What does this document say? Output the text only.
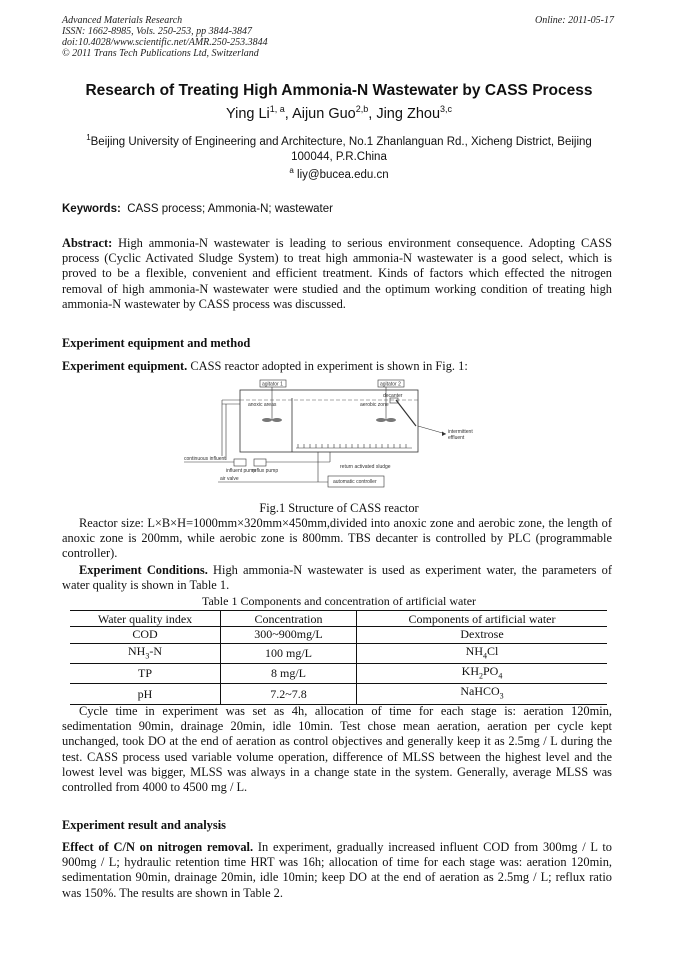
Advanced Materials Research
ISSN: 1662-8985, Vols. 250-253, pp 3844-3847
doi:10.4028/www.scientific.net/AMR.250-253.3844
© 2011 Trans Tech Publications Ltd, Switzerland
Online: 2011-05-17
Research of Treating High Ammonia-N Wastewater by CASS Process
Ying Li$^{1, a}$, Aijun Guo$^{2,b}$, Jing Zhou$^{3,c}$
$^1$Beijing University of Engineering and Architecture, No.1 Zhanlanguan Rd., Xicheng District, Beijing 100044, P.R.China
$^a$ liy@bucea.edu.cn
Keywords: CASS process; Ammonia-N; wastewater
Abstract: High ammonia-N wastewater is leading to serious environment consequence. Adopting CASS process (Cyclic Activated Sludge System) to treat high ammonia-N wastewater is a good select, which is proved to be a flexible, convenient and efficient treatment. Kinds of factors which effected the nitrogen removal of high ammonia-N wastewater were studied and the optimum working condition of treating high ammonia-N wastewater by CASS process was discussed.
Experiment equipment and method
Experiment equipment. CASS reactor adopted in experiment is shown in Fig. 1:
agitator 1	agitator 2
anoxic areas	aerobic zone
decanter
intermittent
effluent
continuous influent
influent pump
reflux pump
return activated sludge
air valve	automatic controller
Fig.1 Structure of CASS reactor
Reactor size: L×B×H=1000mm×320mm×450mm,divided into anoxic zone and aerobic zone, the length of anoxic zone is 200mm, while aerobic zone is 800mm. TBS decanter is controlled by PLC (programmable controller).
Experiment Conditions. High ammonia-N wastewater is used as experiment water, the parameters of water quality is shown in Table 1.
Table 1 Components and concentration of artificial water
Water quality index	Concentration	Components of artificial water
COD	300~900mg/L	Dextrose
$NH_3-N$	100 mg/L	$NH_4Cl$
TP	8 mg/L	$KH_2PO_4$
pH	7.2~7.8	NaHCO$_3$
Cycle time in experiment was set as 4h, allocation of time for each stage is: aeration 120min, sedimentation 90min, drainage 20min, idle 10min. Test chose mean aeration, aeration per cycle kept unchanged, took DO at the end of aeration as control objectives and generally keep it as 2.5mg / L during the test. CASS process used variable volume operation, difference of MLSS between the highest level and the lowest level was bigger, MLSS was always in a change state in the system. Generally, average MLSS was controlled from 4000 to 4500 mg / L.
Experiment result and analysis
Effect of C/N on nitrogen removal. In experiment, gradually increased influent COD from 300mg / L to 900mg / L; hydraulic retention time HRT was 16h; allocation of time for each stage was: aeration 120min, sedimentation 90min, drainage 20min, idle 10min; keep DO at the end of aeration as 2.5mg / L; reflux ratio was 150%. The results are shown in Table 2.
